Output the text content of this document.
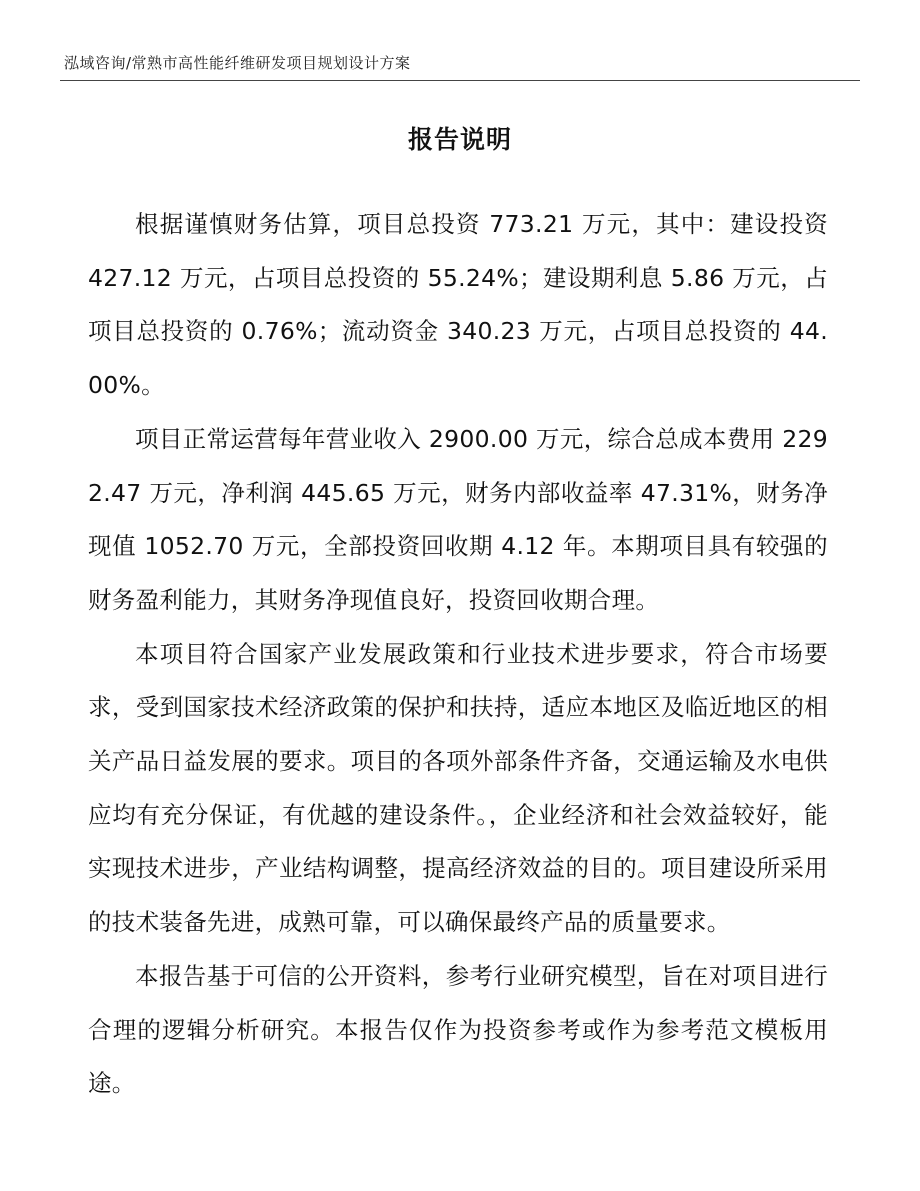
泓域咨询/常熟市高性能纤维研发项目规划设计方案
报告说明

根据谨慎财务估算，项目总投资 773.21 万元，其中：建设投资 427.12 万元，占项目总投资的 55.24%；建设期利息 5.86 万元，占项目总投资的 0.76%；流动资金 340.23 万元，占项目总投资的 44.00%。

项目正常运营每年营业收入 2900.00 万元，综合总成本费用 2292.47 万元，净利润 445.65 万元，财务内部收益率 47.31%，财务净现值 1052.70 万元，全部投资回收期 4.12 年。本期项目具有较强的财务盈利能力，其财务净现值良好，投资回收期合理。

本项目符合国家产业发展政策和行业技术进步要求，符合市场要求，受到国家技术经济政策的保护和扶持，适应本地区及临近地区的相关产品日益发展的要求。项目的各项外部条件齐备，交通运输及水电供应均有充分保证，有优越的建设条件。，企业经济和社会效益较好，能实现技术进步，产业结构调整，提高经济效益的目的。项目建设所采用的技术装备先进，成熟可靠，可以确保最终产品的质量要求。

本报告基于可信的公开资料，参考行业研究模型，旨在对项目进行合理的逻辑分析研究。本报告仅作为投资参考或作为参考范文模板用途。
